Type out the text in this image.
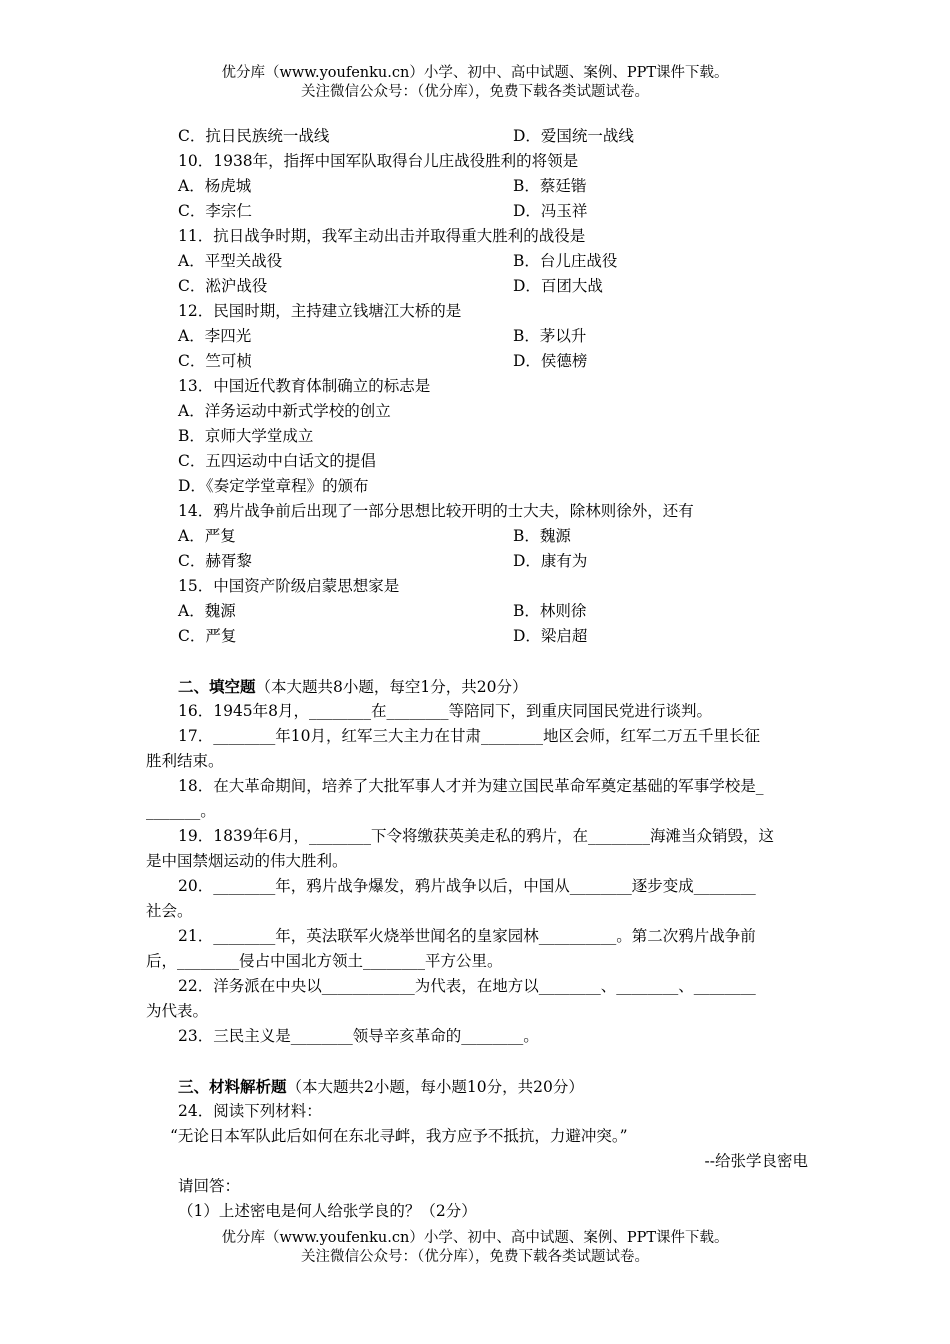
优分库（www.youfenku.cn）小学、初中、高中试题、案例、PPT课件下载。
关注微信公众号：（优分库），免费下载各类试题试卷。
C．抗日民族统一战线	D．爱国统一战线
10．1938年，指挥中国军队取得台儿庄战役胜利的将领是
A．杨虎城	B．蔡廷锴
C．李宗仁	D．冯玉祥
11．抗日战争时期，我军主动出击并取得重大胜利的战役是
A．平型关战役	B．台儿庄战役
C．淞沪战役	D．百团大战
12．民国时期，主持建立钱塘江大桥的是
A．李四光	B．茅以升
C．竺可桢	D．侯德榜
13．中国近代教育体制确立的标志是
A．洋务运动中新式学校的创立
B．京师大学堂成立
C．五四运动中白话文的提倡
D．《奏定学堂章程》的颁布
14．鸦片战争前后出现了一部分思想比较开明的士大夫，除林则徐外，还有
A．严复	B．魏源
C．赫胥黎	D．康有为
15．中国资产阶级启蒙思想家是
A．魏源	B．林则徐
C．严复	D．梁启超
二、填空题（本大题共8小题，每空1分，共20分）
16．1945年8月，________在________等陪同下，到重庆同国民党进行谈判。
17．________年10月，红军三大主力在甘肃________地区会师，红军二万五千里长征
胜利结束。
18．在大革命期间，培养了大批军事人才并为建立国民革命军奠定基础的军事学校是_
_______。
19．1839年6月，________下令将缴获英美走私的鸦片，在________海滩当众销毁，这
是中国禁烟运动的伟大胜利。
20．________年，鸦片战争爆发，鸦片战争以后，中国从________逐步变成________
社会。
21．________年，英法联军火烧举世闻名的皇家园林__________。第二次鸦片战争前
后，________侵占中国北方领土________平方公里。
22．洋务派在中央以____________为代表，在地方以________、________、________
为代表。
23．三民主义是________领导辛亥革命的________。
三、材料解析题（本大题共2小题，每小题10分，共20分）
24．阅读下列材料：
“无论日本军队此后如何在东北寻衅，我方应予不抵抗，力避冲突。”
--给张学良密电
请回答：
（1）上述密电是何人给张学良的？（2分）
优分库（www.youfenku.cn）小学、初中、高中试题、案例、PPT课件下载。
关注微信公众号：（优分库），免费下载各类试题试卷。
